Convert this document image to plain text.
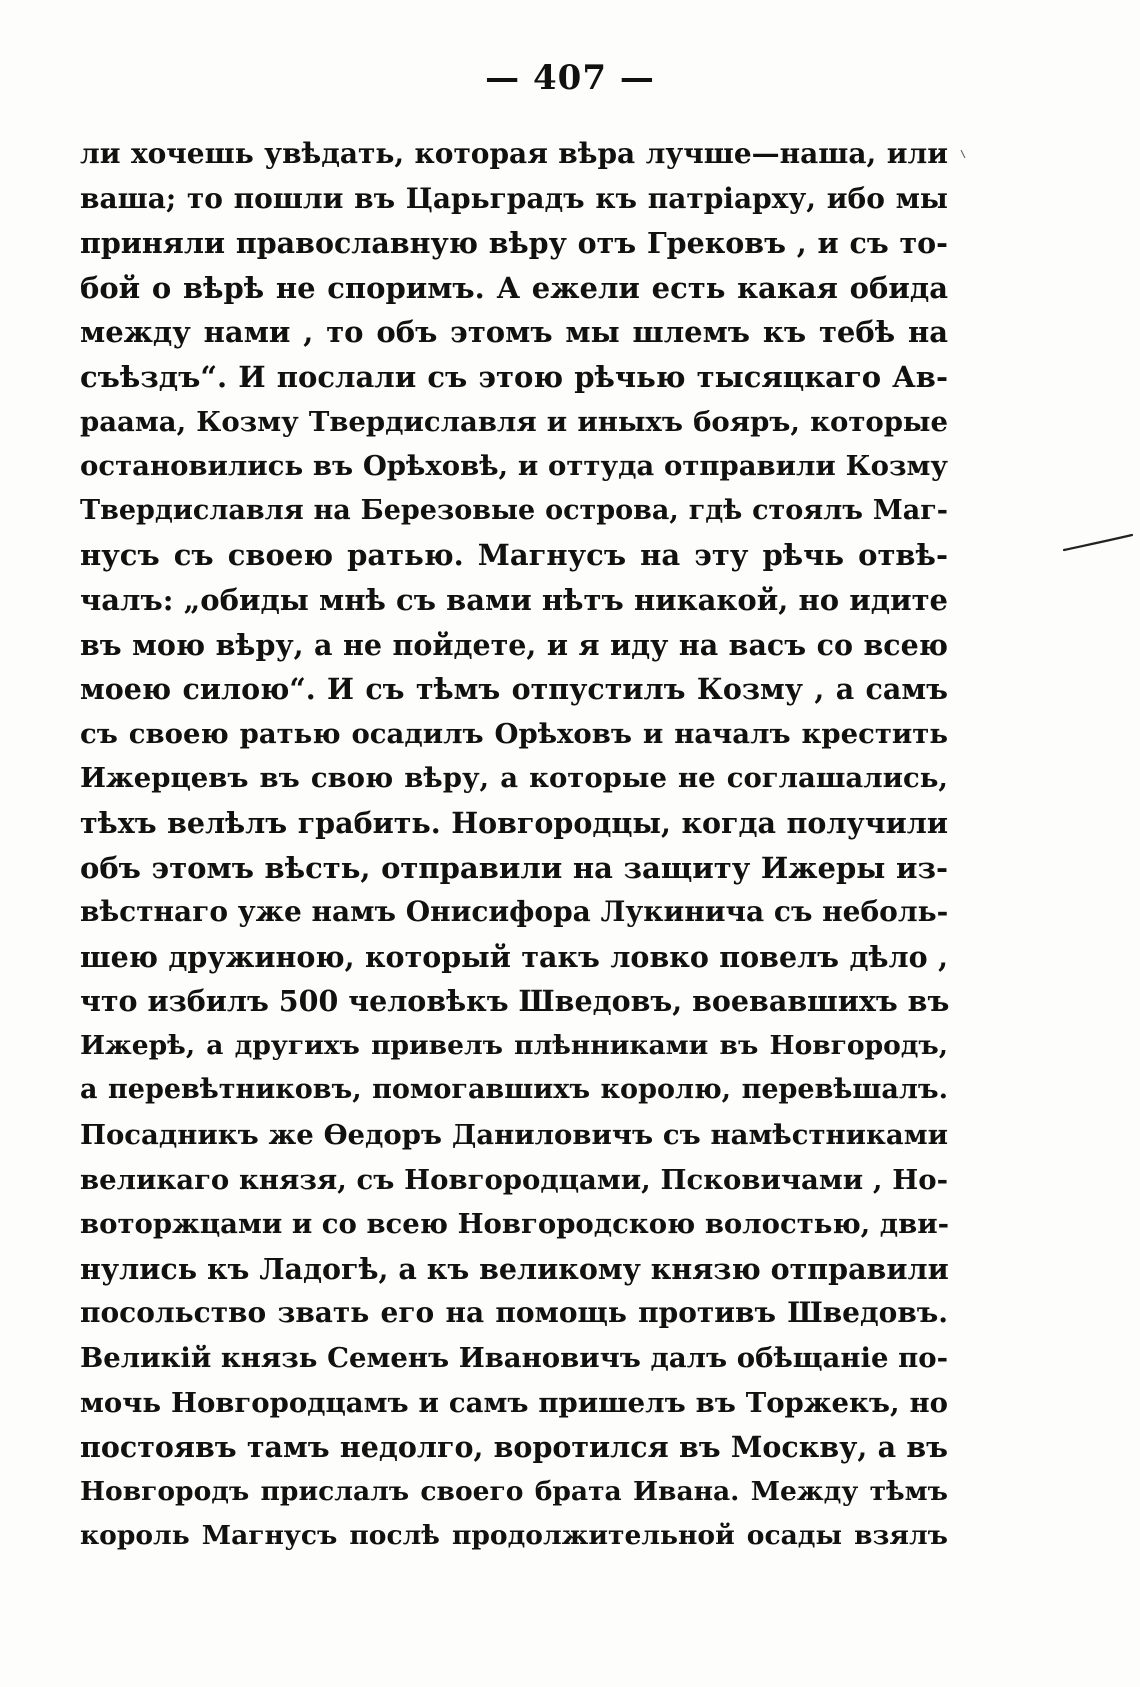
— 407 —
ли хочешь увѣдать, которая вѣра лучше—наша, или
ваша; то пошли въ Царьградъ къ патріарху, ибо мы
приняли православную вѣру отъ Грековъ , и съ то-
бой о вѣрѣ не споримъ. А ежели есть какая обида
между нами , то объ этомъ мы шлемъ къ тебѣ на
съѣздъ“. И послали съ этою рѣчью тысяцкаго Ав-
раама, Козму Твердиславля и иныхъ бояръ, которые
остановились въ Орѣховѣ, и оттуда отправили Козму
Твердиславля на Березовые острова, гдѣ стоялъ Маг-
нусъ съ своею ратью. Магнусъ на эту рѣчь отвѣ-
чалъ: „обиды мнѣ съ вами нѣтъ никакой, но идите
въ мою вѣру, а не пойдете, и я иду на васъ со всею
моею силою“. И съ тѣмъ отпустилъ Козму , а самъ
съ своею ратью осадилъ Орѣховъ и началъ крестить
Ижерцевъ въ свою вѣру, а которые не соглашались,
тѣхъ велѣлъ грабить. Новгородцы, когда получили
объ этомъ вѣсть, отправили на защиту Ижеры из-
вѣстнаго уже намъ Онисифора Лукинича съ неболь-
шею дружиною, который такъ ловко повелъ дѣло ,
что избилъ 500 человѣкъ Шведовъ, воевавшихъ въ
Ижерѣ, а другихъ привелъ плѣнниками въ Новгородъ,
а перевѣтниковъ, помогавшихъ королю, перевѣшалъ.
Посадникъ же Ѳедоръ Даниловичъ съ намѣстниками
великаго князя, съ Новгородцами, Псковичами , Но-
воторжцами и со всею Новгородскою волостью, дви-
нулись къ Ладогѣ, а къ великому князю отправили
посольство звать его на помощь противъ Шведовъ.
Великій князь Семенъ Ивановичъ далъ обѣщаніе по-
мочь Новгородцамъ и самъ пришелъ въ Торжекъ, но
постоявъ тамъ недолго, воротился въ Москву, а въ
Новгородъ прислалъ своего брата Ивана. Между тѣмъ
король Магнусъ послѣ продолжительной осады взялъ
